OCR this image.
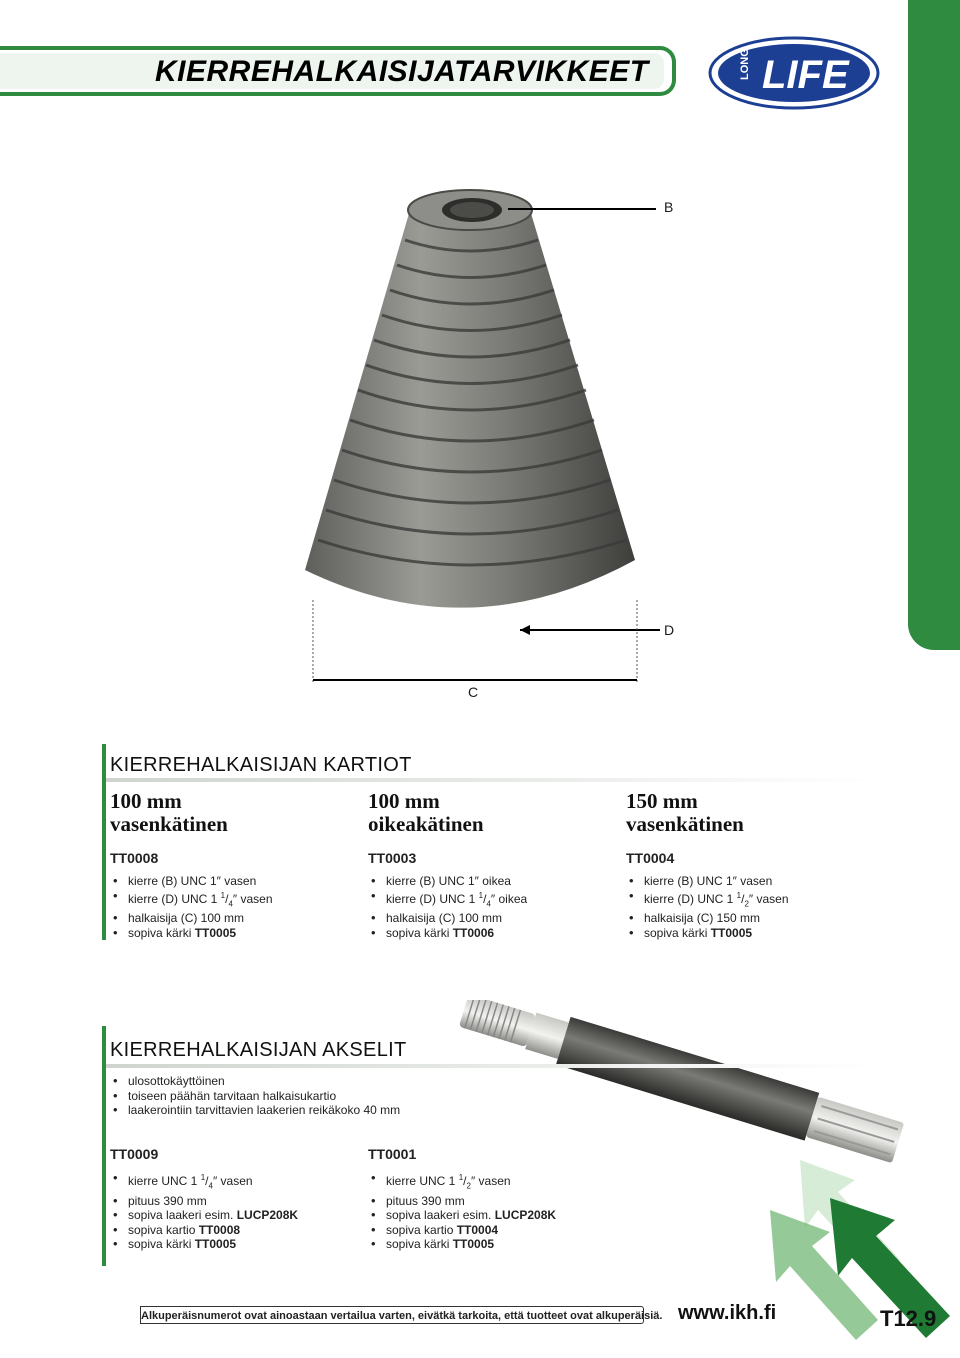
KIERREHALKAISIJATARVIKKEET	LONG LIFE
B
D
C
KIERREHALKAISIJAN KARTIOT
100 mm
vasenkätinen
TT0008
• kierre (B) UNC 1″ vasen
• kierre (D) UNC 1 $^1/_4''$ vasen
• halkaisija (C) 100 mm
• sopiva kärki TT0005
100 mm
oikeakätinen
TT0003
• kierre (B) UNC 1″ oikea
• kierre (D) UNC 1 $^1/_4''$ oikea
• halkaisija (C) 100 mm
• sopiva kärki TT0006
150 mm
vasenkätinen
TT0004
• kierre (B) UNC 1″ vasen
• kierre (D) UNC 1 $^1/_2''$ vasen
• halkaisija (C) 150 mm
• sopiva kärki TT0005
KIERREHALKAISIJAN AKSELIT
• ulosottokäyttöinen
• toiseen päähän tarvitaan halkaisukartio
• laakerointiin tarvittavien laakerien reikäkoko 40 mm
TT0009
• kierre UNC 1 $^1/_4''$ vasen
• pituus 390 mm
• sopiva laakeri esim. LUCP208K
• sopiva kartio TT0008
• sopiva kärki TT0005
TT0001
• kierre UNC 1 $^1/_2''$ vasen
• pituus 390 mm
• sopiva laakeri esim. LUCP208K
• sopiva kartio TT0004
• sopiva kärki TT0005
Alkuperäisnumerot ovat ainoastaan vertailua varten, eivätkä tarkoita, että tuotteet ovat alkuperäisiä. www.ikh.fi	T12.9
